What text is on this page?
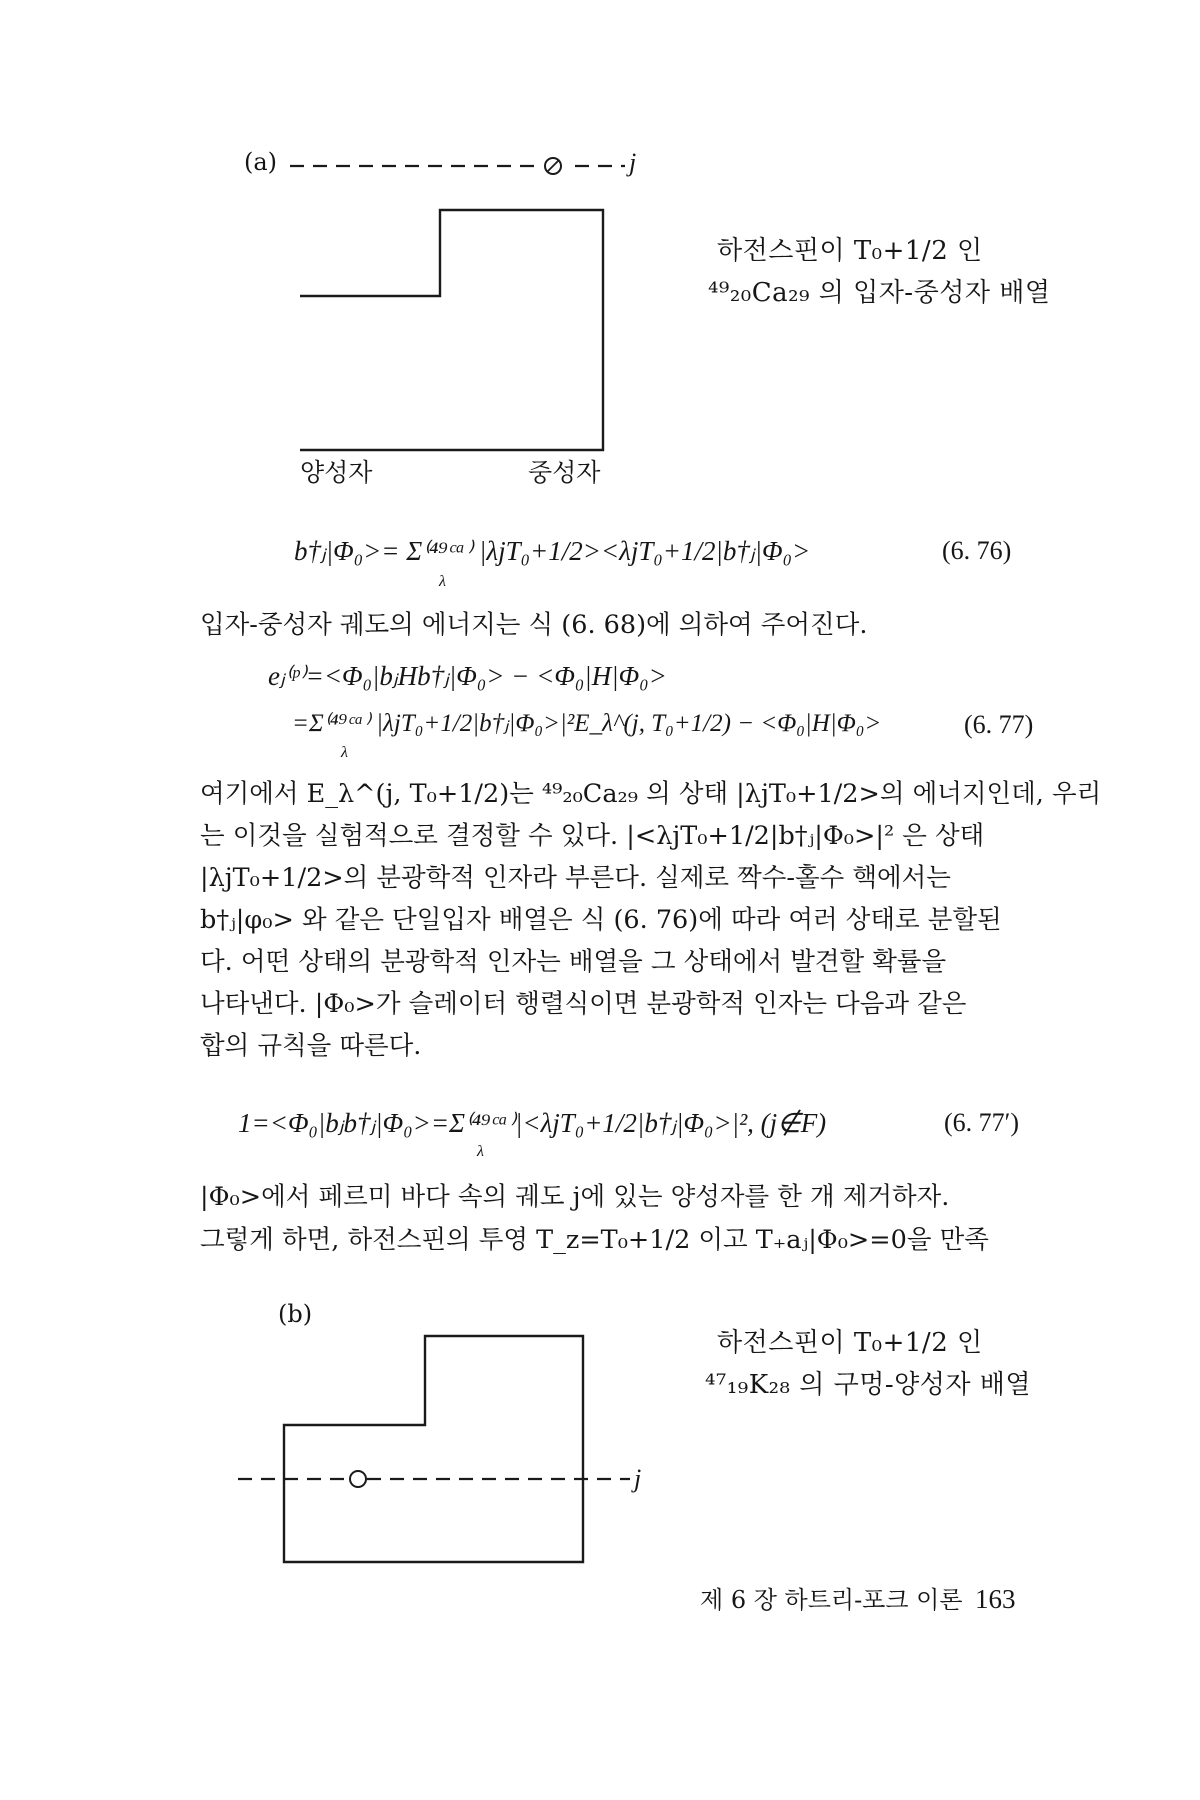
(a)	j
양성자	중성자
하전스핀이 T₀+1/2 인
⁴⁹₂₀Ca₂₉ 의 입자-중성자 배열
b†ⱼ|Φ₀>= Σ⁽⁴⁹ᶜᵃ⁾ |λjT₀+1/2><λjT₀+1/2|b†ⱼ|Φ₀>
λ
(6. 76)
입자-중성자 궤도의 에너지는 식 (6. 68)에 의하여 주어진다.
eⱼ⁽ᵖ⁾=<Φ₀|bⱼHb†ⱼ|Φ₀> − <Φ₀|H|Φ₀>
=Σ⁽⁴⁹ᶜᵃ⁾ |λjT₀+1/2|b†ⱼ|Φ₀>|²E_λ^(j, T₀+1/2) − <Φ₀|H|Φ₀>
λ
(6. 77)
여기에서 E_λ^(j, T₀+1/2)는 ⁴⁹₂₀Ca₂₉ 의 상태 |λjT₀+1/2>의 에너지인데, 우리
는 이것을 실험적으로 결정할 수 있다. |<λjT₀+1/2|b†ⱼ|Φ₀>|² 은 상태
|λjT₀+1/2>의 분광학적 인자라 부른다. 실제로 짝수-홀수 핵에서는
b†ⱼ|φ₀> 와 같은 단일입자 배열은 식 (6. 76)에 따라 여러 상태로 분할된
다. 어떤 상태의 분광학적 인자는 배열을 그 상태에서 발견할 확률을
나타낸다. |Φ₀>가 슬레이터 행렬식이면 분광학적 인자는 다음과 같은
합의 규칙을 따른다.
1=<Φ₀|bⱼb†ⱼ|Φ₀>=Σ⁽⁴⁹ᶜᵃ⁾|<λjT₀+1/2|b†ⱼ|Φ₀>|², (j∉F)
λ
(6. 77′)
|Φ₀>에서 페르미 바다 속의 궤도 j에 있는 양성자를 한 개 제거하자.
그렇게 하면, 하전스핀의 투영 T_z=T₀+1/2 이고 T₊aⱼ|Φ₀>=0을 만족
(b)
j
하전스핀이 T₀+1/2 인
⁴⁷₁₉K₂₈ 의 구멍-양성자 배열
제 6 장 하트리-포크 이론 163
